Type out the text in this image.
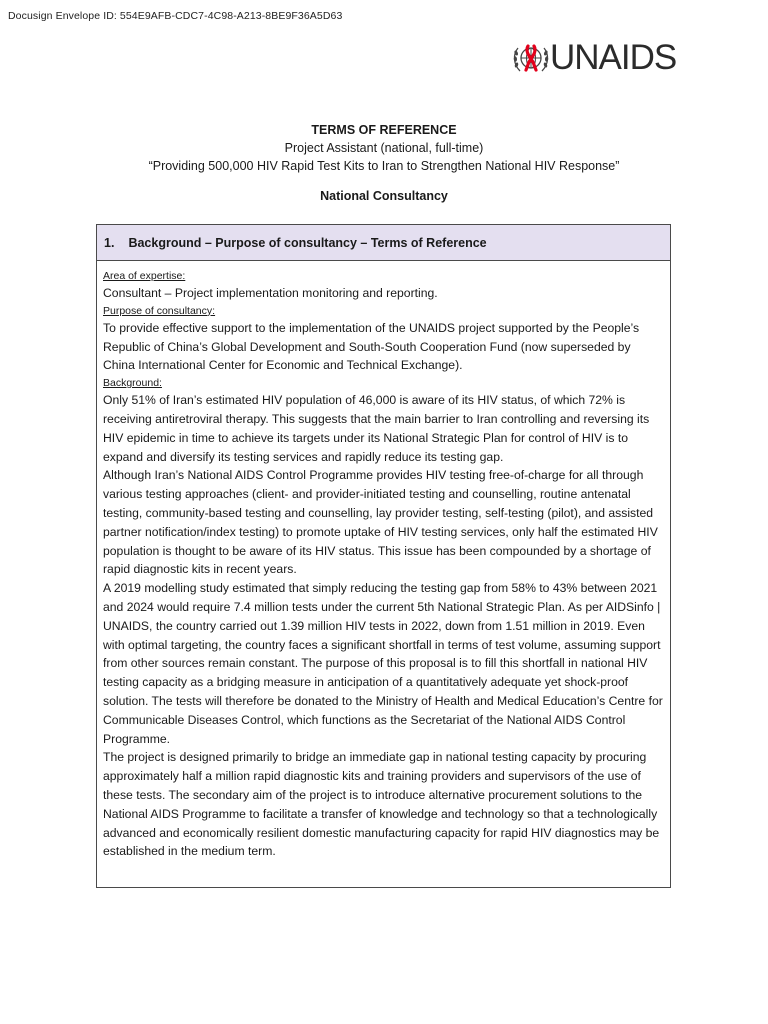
Docusign Envelope ID: 554E9AFB-CDC7-4C98-A213-8BE9F36A5D63
UNAIDS
TERMS OF REFERENCE
Project Assistant (national, full-time)
“Providing 500,000 HIV Rapid Test Kits to Iran to Strengthen National HIV Response”
National Consultancy
1. Background – Purpose of consultancy – Terms of Reference

Area of expertise:

Consultant – Project implementation monitoring and reporting.

Purpose of consultancy:

To provide effective support to the implementation of the UNAIDS project supported by the People’s Republic of China’s Global Development and South-South Cooperation Fund (now superseded by China International Center for Economic and Technical Exchange).

Background:

Only 51% of Iran’s estimated HIV population of 46,000 is aware of its HIV status, of which 72% is receiving antiretroviral therapy. This suggests that the main barrier to Iran controlling and reversing its HIV epidemic in time to achieve its targets under its National Strategic Plan for control of HIV is to expand and diversify its testing services and rapidly reduce its testing gap.

Although Iran’s National AIDS Control Programme provides HIV testing free-of-charge for all through various testing approaches (client- and provider-initiated testing and counselling, routine antenatal testing, community-based testing and counselling, lay provider testing, self-testing (pilot), and assisted partner notification/index testing) to promote uptake of HIV testing services, only half the estimated HIV population is thought to be aware of its HIV status. This issue has been compounded by a shortage of rapid diagnostic kits in recent years.

A 2019 modelling study estimated that simply reducing the testing gap from 58% to 43% between 2021 and 2024 would require 7.4 million tests under the current 5th National Strategic Plan. As per AIDSinfo | UNAIDS, the country carried out 1.39 million HIV tests in 2022, down from 1.51 million in 2019. Even with optimal targeting, the country faces a significant shortfall in terms of test volume, assuming support from other sources remain constant. The purpose of this proposal is to fill this shortfall in national HIV testing capacity as a bridging measure in anticipation of a quantitatively adequate yet shock-proof solution. The tests will therefore be donated to the Ministry of Health and Medical Education’s Centre for Communicable Diseases Control, which functions as the Secretariat of the National AIDS Control Programme.

The project is designed primarily to bridge an immediate gap in national testing capacity by procuring approximately half a million rapid diagnostic kits and training providers and supervisors of the use of these tests. The secondary aim of the project is to introduce alternative procurement solutions to the National AIDS Programme to facilitate a transfer of knowledge and technology so that a technologically advanced and economically resilient domestic manufacturing capacity for rapid HIV diagnostics may be established in the medium term.
